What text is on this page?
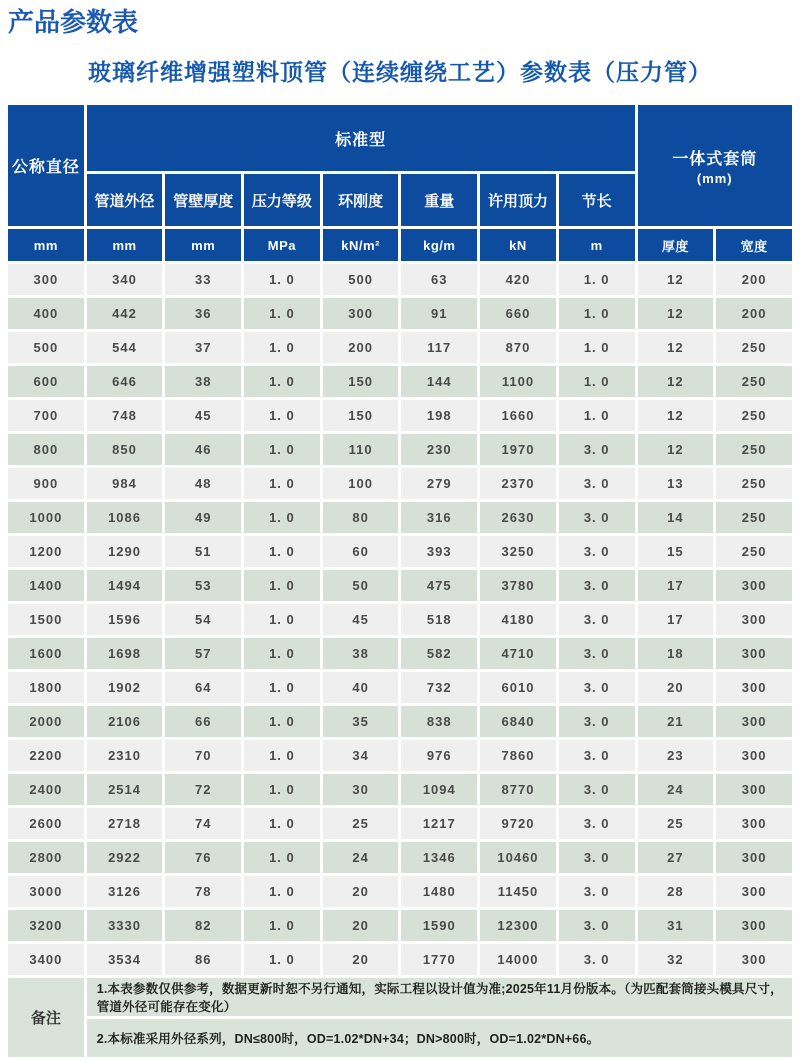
产品参数表
玻璃纤维增强塑料顶管（连续缠绕工艺）参数表（压力管）
公称直径	标准型							一体式套筒
(mm)	

	管道外径	管壁厚度	压力等级	环刚度	重量	许用顶力	节长		
mm	mm	mm	MPa	kN/m²	kg/m	kN	m	厚度	宽度
300	340	33	1. 0	500	63	420	1. 0	12	200
400	442	36	1. 0	300	91	660	1. 0	12	200
500	544	37	1. 0	200	117	870	1. 0	12	250
600	646	38	1. 0	150	144	1100	1. 0	12	250
700	748	45	1. 0	150	198	1660	1. 0	12	250
800	850	46	1. 0	110	230	1970	3. 0	12	250
900	984	48	1. 0	100	279	2370	3. 0	13	250
1000	1086	49	1. 0	80	316	2630	3. 0	14	250
1200	1290	51	1. 0	60	393	3250	3. 0	15	250
1400	1494	53	1. 0	50	475	3780	3. 0	17	300
1500	1596	54	1. 0	45	518	4180	3. 0	17	300
1600	1698	57	1. 0	38	582	4710	3. 0	18	300
1800	1902	64	1. 0	40	732	6010	3. 0	20	300
2000	2106	66	1. 0	35	838	6840	3. 0	21	300
2200	2310	70	1. 0	34	976	7860	3. 0	23	300
2400	2514	72	1. 0	30	1094	8770	3. 0	24	300
2600	2718	74	1. 0	25	1217	9720	3. 0	25	300
2800	2922	76	1. 0	24	1346	10460	3. 0	27	300
3000	3126	78	1. 0	20	1480	11450	3. 0	28	300
3200	3330	82	1. 0	20	1590	12300	3. 0	31	300
3400	3534	86	1. 0	20	1770	14000	3. 0	32	300
备注	1.本表参数仅供参考，数据更新时恕不另行通知，实际工程以设计值为准;2025年11月份版本。（为匹配套筒接头模具尺寸，管道外径可能存在变化）								
	2.本标准采用外径系列，DN≤800时，OD=1.02*DN+34；DN>800时，OD=1.02*DN+66。								
